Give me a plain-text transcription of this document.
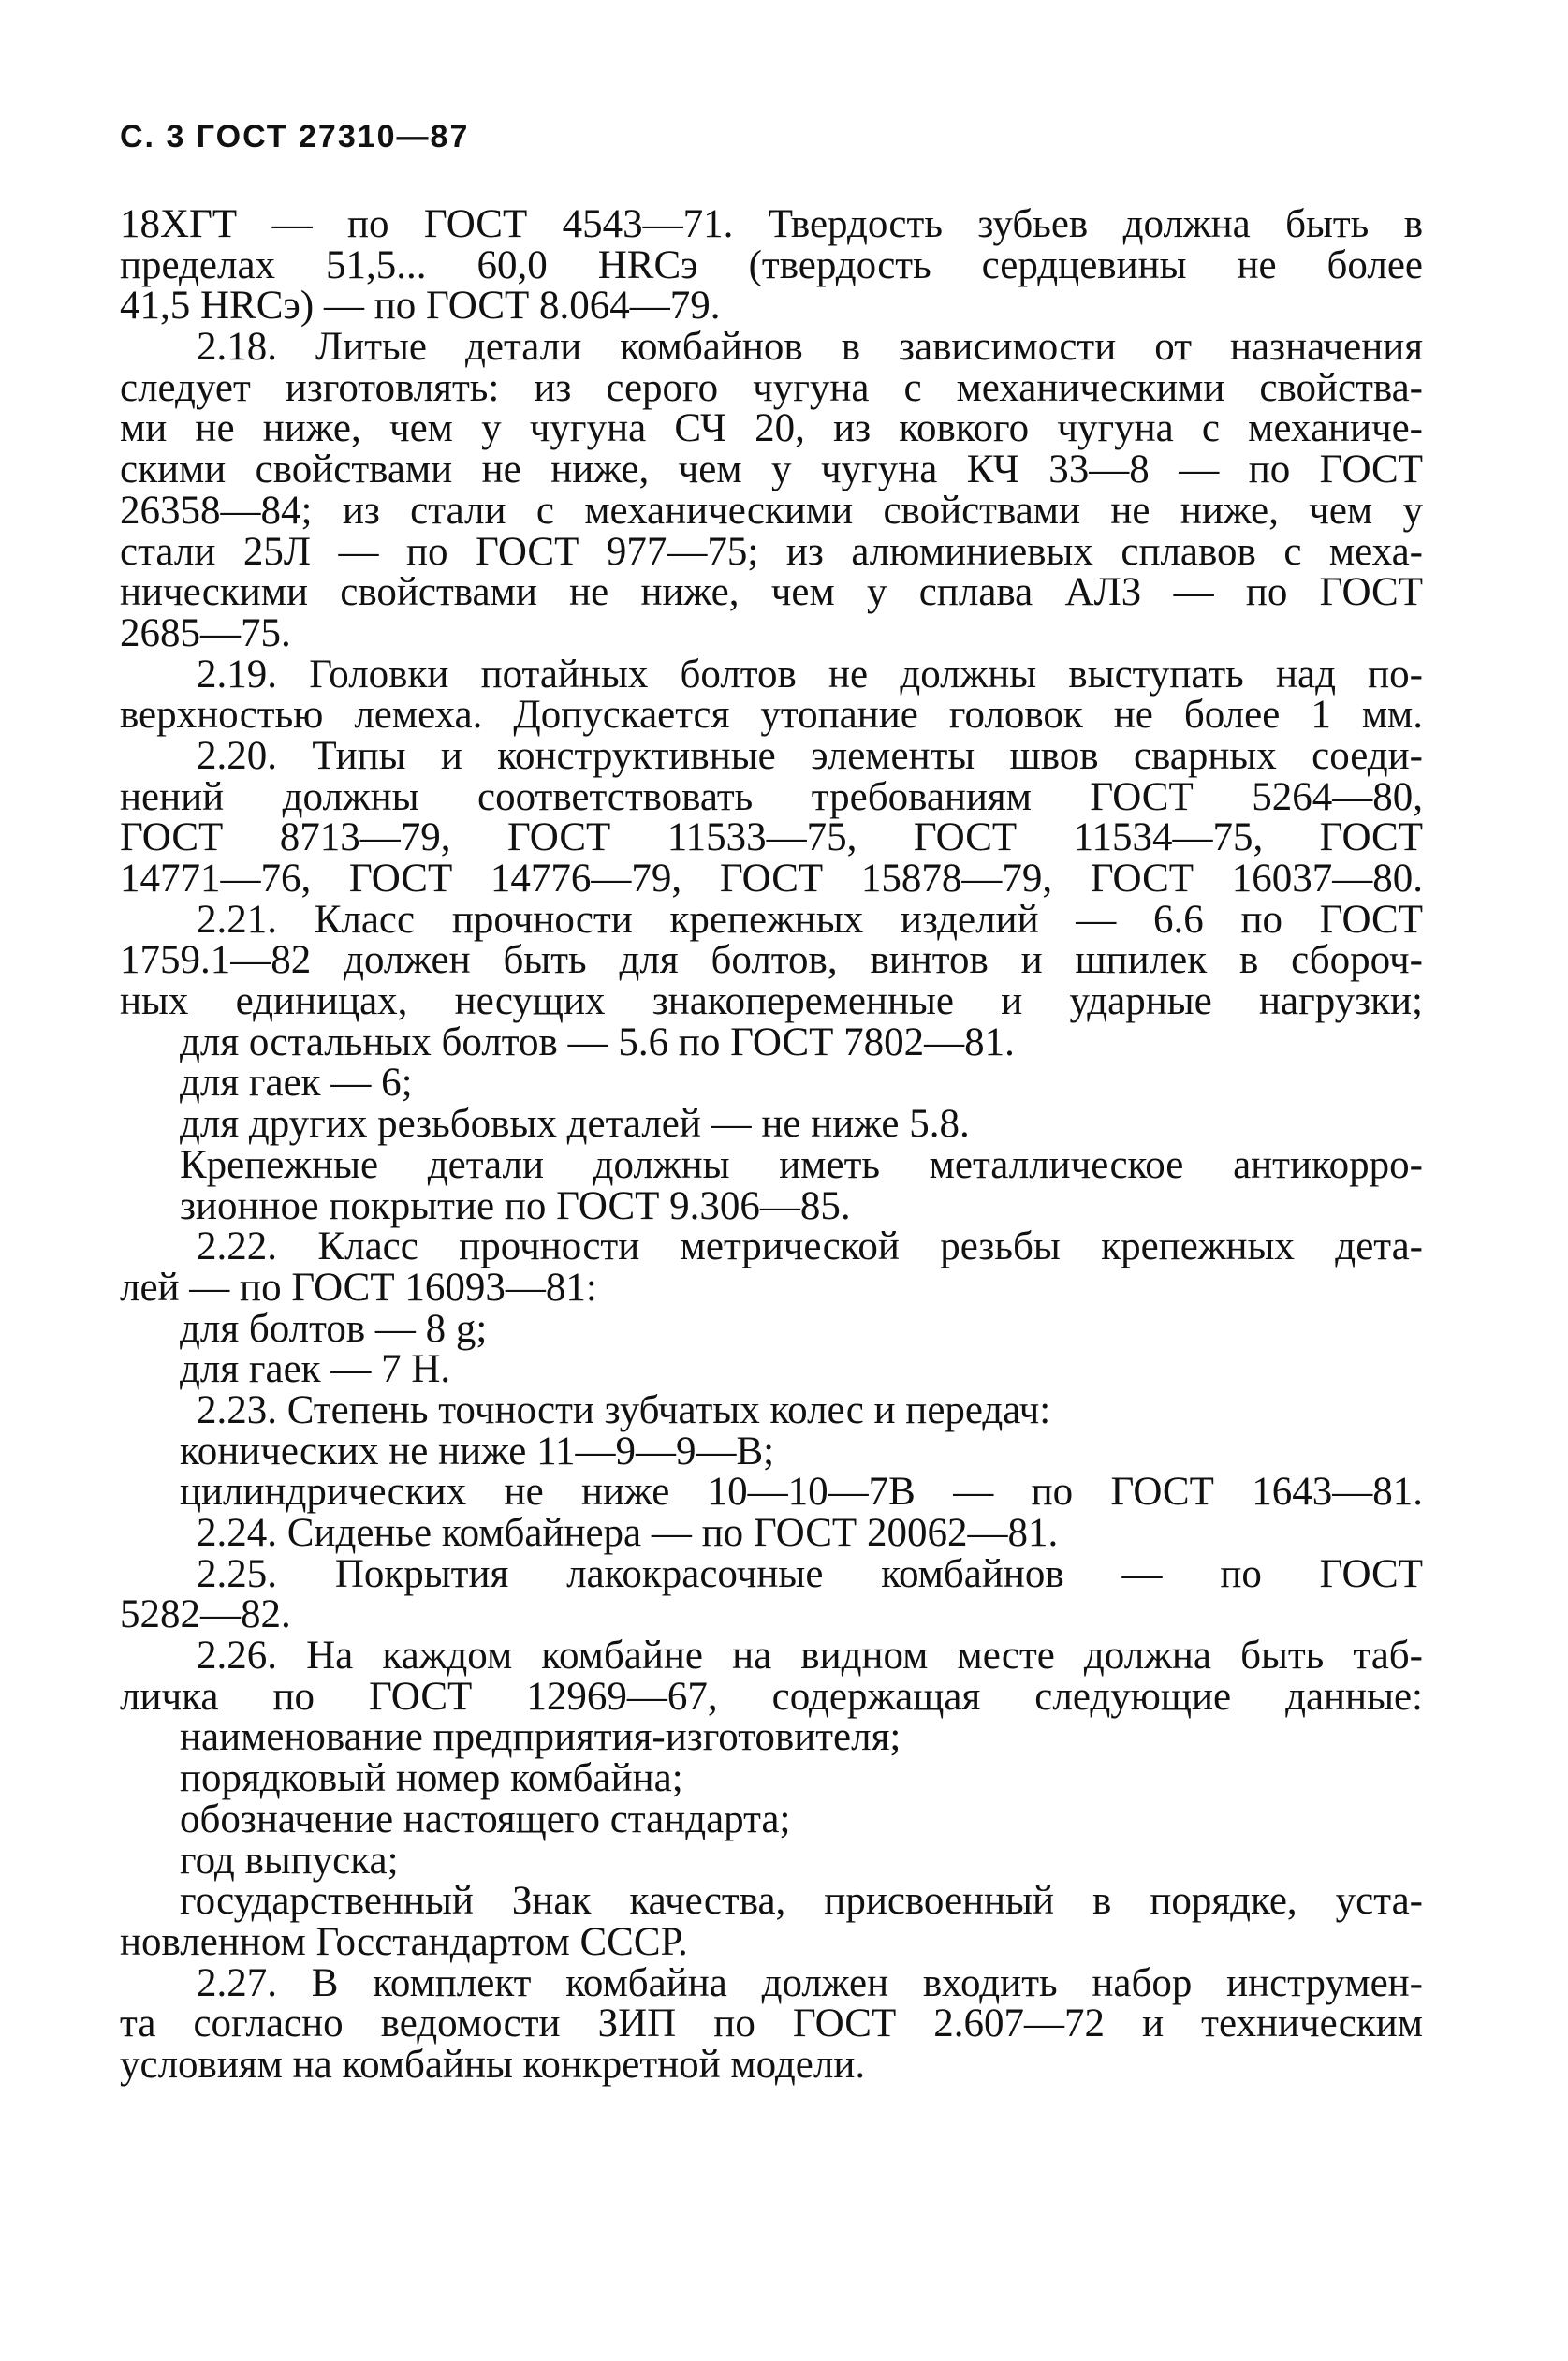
С. 3 ГОСТ 27310—87
18ХГТ — по ГОСТ 4543—71. Твердость зубьев должна быть в
пределах 51,5... 60,0 HRCэ (твердость сердцевины не более
41,5 HRCэ) — по ГОСТ 8.064—79.
2.18. Литые детали комбайнов в зависимости от назначения
следует изготовлять: из серого чугуна с механическими свойства-
ми не ниже, чем у чугуна СЧ 20, из ковкого чугуна с механиче-
скими свойствами не ниже, чем у чугуна КЧ 33—8 — по ГОСТ
26358—84; из стали с механическими свойствами не ниже, чем у
стали 25Л — по ГОСТ 977—75; из алюминиевых сплавов с меха-
ническими свойствами не ниже, чем у сплава АЛЗ — по ГОСТ
2685—75.
2.19. Головки потайных болтов не должны выступать над по-
верхностью лемеха. Допускается утопание головок не более 1 мм.
2.20. Типы и конструктивные элементы швов сварных соеди-
нений должны соответствовать требованиям ГОСТ 5264—80,
ГОСТ 8713—79, ГОСТ 11533—75, ГОСТ 11534—75, ГОСТ
14771—76, ГОСТ 14776—79, ГОСТ 15878—79, ГОСТ 16037—80.
2.21. Класс прочности крепежных изделий — 6.6 по ГОСТ
1759.1—82 должен быть для болтов, винтов и шпилек в сбороч-
ных единицах, несущих знакопеременные и ударные нагрузки;
для остальных болтов — 5.6 по ГОСТ 7802—81.
для гаек — 6;
для других резьбовых деталей — не ниже 5.8.
Крепежные детали должны иметь металлическое антикорро-
зионное покрытие по ГОСТ 9.306—85.
2.22. Класс прочности метрической резьбы крепежных дета-
лей — по ГОСТ 16093—81:
для болтов — 8 g;
для гаек — 7 Н.
2.23. Степень точности зубчатых колес и передач:
конических не ниже 11—9—9—В;
цилиндрических не ниже 10—10—7В — по ГОСТ 1643—81.
2.24. Сиденье комбайнера — по ГОСТ 20062—81.
2.25. Покрытия лакокрасочные комбайнов — по ГОСТ
5282—82.
2.26. На каждом комбайне на видном месте должна быть таб-
личка по ГОСТ 12969—67, содержащая следующие данные:
наименование предприятия-изготовителя;
порядковый номер комбайна;
обозначение настоящего стандарта;
год выпуска;
государственный Знак качества, присвоенный в порядке, уста-
новленном Госстандартом СССР.
2.27. В комплект комбайна должен входить набор инструмен-
та согласно ведомости ЗИП по ГОСТ 2.607—72 и техническим
условиям на комбайны конкретной модели.
